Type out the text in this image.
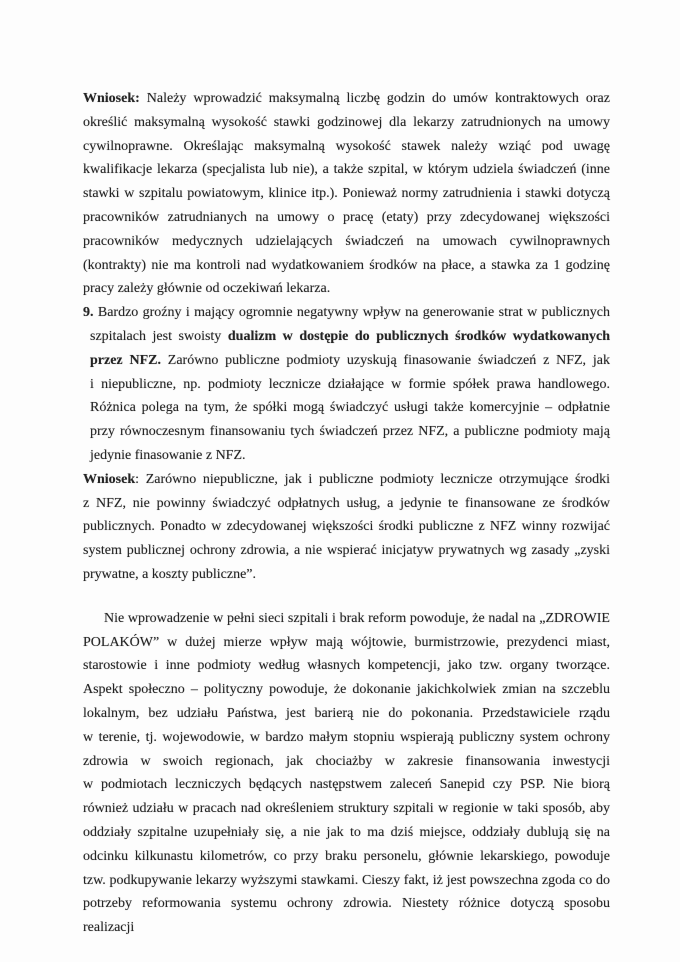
Wniosek: Należy wprowadzić maksymalną liczbę godzin do umów kontraktowych oraz
określić maksymalną wysokość stawki godzinowej dla lekarzy zatrudnionych na umowy
cywilnoprawne. Określając maksymalną wysokość stawek należy wziąć pod uwagę
kwalifikacje lekarza (specjalista lub nie), a także szpital, w którym udziela świadczeń (inne
stawki w szpitalu powiatowym, klinice itp.). Ponieważ normy zatrudnienia i stawki dotyczą
pracowników zatrudnianych na umowy o pracę (etaty) przy zdecydowanej większości
pracowników medycznych udzielających świadczeń na umowach cywilnoprawnych
(kontrakty) nie ma kontroli nad wydatkowaniem środków na płace, a stawka za 1 godzinę
pracy zależy głównie od oczekiwań lekarza.
9. Bardzo groźny i mający ogromnie negatywny wpływ na generowanie strat w publicznych
szpitalach jest swoisty dualizm w dostępie do publicznych środków wydatkowanych
przez NFZ. Zarówno publiczne podmioty uzyskują finasowanie świadczeń z NFZ, jak
i niepubliczne, np. podmioty lecznicze działające w formie spółek prawa handlowego.
Różnica polega na tym, że spółki mogą świadczyć usługi także komercyjnie – odpłatnie
przy równoczesnym finansowaniu tych świadczeń przez NFZ, a publiczne podmioty mają
jedynie finasowanie z NFZ.
Wniosek: Zarówno niepubliczne, jak i publiczne podmioty lecznicze otrzymujące środki
z NFZ, nie powinny świadczyć odpłatnych usług, a jedynie te finansowane ze środków
publicznych. Ponadto w zdecydowanej większości środki publiczne z NFZ winny rozwijać
system publicznej ochrony zdrowia, a nie wspierać inicjatyw prywatnych wg zasady „zyski
prywatne, a koszty publiczne”.
Nie wprowadzenie w pełni sieci szpitali i brak reform powoduje, że nadal na „ZDROWIE
POLAKÓW” w dużej mierze wpływ mają wójtowie, burmistrzowie, prezydenci miast,
starostowie i inne podmioty według własnych kompetencji, jako tzw. organy tworzące.
Aspekt społeczno – polityczny powoduje, że dokonanie jakichkolwiek zmian na szczeblu
lokalnym, bez udziału Państwa, jest barierą nie do pokonania. Przedstawiciele rządu
w terenie, tj. wojewodowie, w bardzo małym stopniu wspierają publiczny system ochrony
zdrowia w swoich regionach, jak chociażby w zakresie finansowania inwestycji
w podmiotach leczniczych będących następstwem zaleceń Sanepid czy PSP. Nie biorą
również udziału w pracach nad określeniem struktury szpitali w regionie w taki sposób, aby
oddziały szpitalne uzupełniały się, a nie jak to ma dziś miejsce, oddziały dublują się na
odcinku kilkunastu kilometrów, co przy braku personelu, głównie lekarskiego, powoduje
tzw. podkupywanie lekarzy wyższymi stawkami. Cieszy fakt, iż jest powszechna zgoda co do
potrzeby reformowania systemu ochrony zdrowia. Niestety różnice dotyczą sposobu realizacji
